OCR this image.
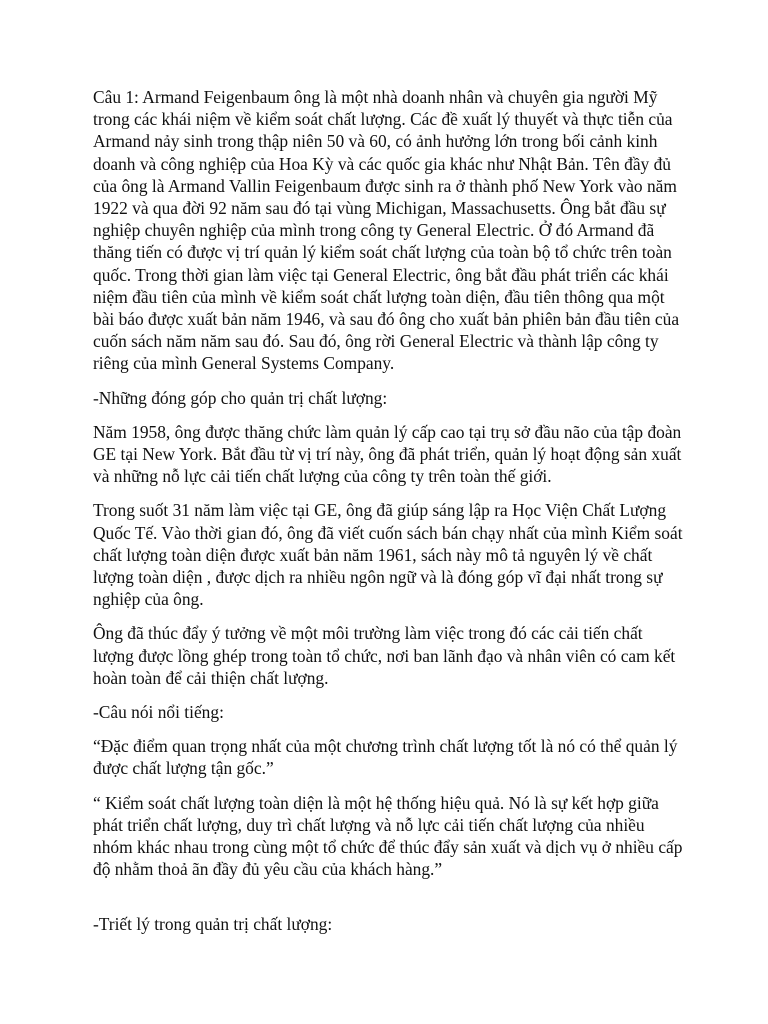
Câu 1: Armand Feigenbaum ông là một nhà doanh nhân và chuyên gia người Mỹ trong các khái niệm về kiểm soát chất lượng. Các đề xuất lý thuyết và thực tiễn của Armand nảy sinh trong thập niên 50 và 60, có ảnh hưởng lớn trong bối cảnh kinh doanh và công nghiệp của Hoa Kỳ và các quốc gia khác như Nhật Bản. Tên đầy đủ của ông là Armand Vallin Feigenbaum được sinh ra ở thành phố New York vào năm 1922 và qua đời 92 năm sau đó tại vùng Michigan, Massachusetts. Ông bắt đầu sự nghiệp chuyên nghiệp của mình trong công ty General Electric. Ở đó Armand đã thăng tiến có được vị trí quản lý kiểm soát chất lượng của toàn bộ tổ chức trên toàn quốc. Trong thời gian làm việc tại General Electric, ông bắt đầu phát triển các khái niệm đầu tiên của mình về kiểm soát chất lượng toàn diện, đầu tiên thông qua một bài báo được xuất bản năm 1946, và sau đó ông cho xuất bản phiên bản đầu tiên của cuốn sách năm năm sau đó. Sau đó, ông rời General Electric và thành lập công ty riêng của mình General Systems Company.

-Những đóng góp cho quản trị chất lượng:

Năm 1958, ông được thăng chức làm quản lý cấp cao tại trụ sở đầu não của tập đoàn GE tại New York. Bắt đầu từ vị trí này, ông đã phát triển, quản lý hoạt động sản xuất và những nỗ lực cải tiến chất lượng của công ty trên toàn thế giới.

Trong suốt 31 năm làm việc tại GE, ông đã giúp sáng lập ra Học Viện Chất Lượng Quốc Tế. Vào thời gian đó, ông đã viết cuốn sách bán chạy nhất của mình Kiểm soát chất lượng toàn diện được xuất bản năm 1961, sách này mô tả nguyên lý về chất lượng toàn diện , được dịch ra nhiều ngôn ngữ và là đóng góp vĩ đại nhất trong sự nghiệp của ông.

Ông đã thúc đẩy ý tưởng về một môi trường làm việc trong đó các cải tiến chất lượng được lồng ghép trong toàn tổ chức, nơi ban lãnh đạo và nhân viên có cam kết hoàn toàn để cải thiện chất lượng.

-Câu nói nổi tiếng:

“Đặc điểm quan trọng nhất của một chương trình chất lượng tốt là nó có thể quản lý được chất lượng tận gốc.”

“ Kiểm soát chất lượng toàn diện là một hệ thống hiệu quả. Nó là sự kết hợp giữa phát triển chất lượng, duy trì chất lượng và nỗ lực cải tiến chất lượng của nhiều nhóm khác nhau trong cùng một tổ chức để thúc đẩy sản xuất và dịch vụ ở nhiều cấp độ nhằm thoả ãn đầy đủ yêu cầu của khách hàng.”

-Triết lý trong quản trị chất lượng:
